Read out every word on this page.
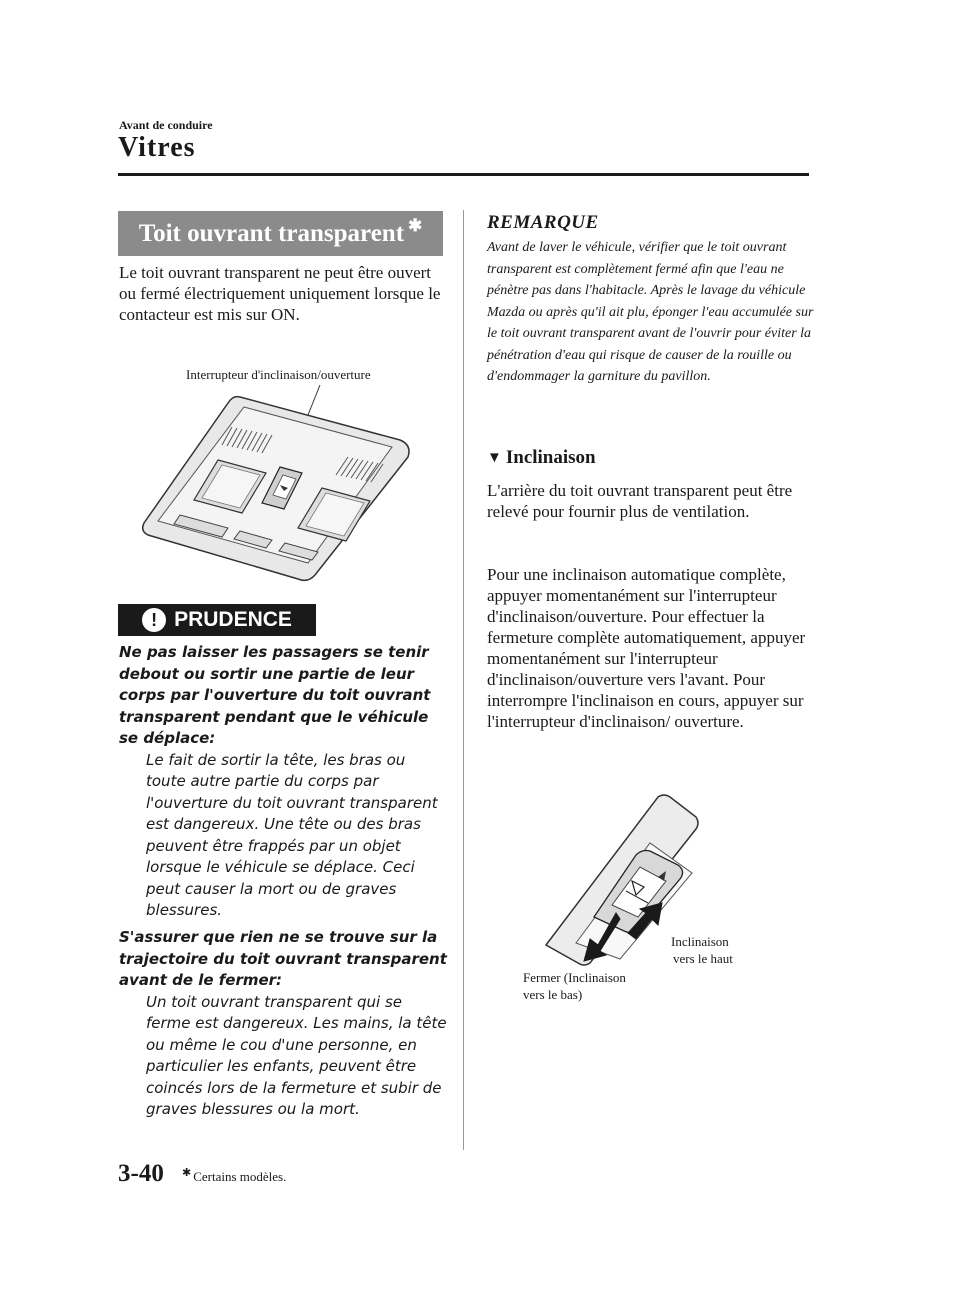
Avant de conduire
Vitres
Toit ouvrant transparent ✱
Le toit ouvrant transparent ne peut être ouvert ou fermé électriquement uniquement lorsque le contacteur est mis sur ON.
Interrupteur d'inclinaison/ouverture
! PRUDENCE
Ne pas laisser les passagers se tenir debout ou sortir une partie de leur corps par l'ouverture du toit ouvrant transparent pendant que le véhicule se déplace:
Le fait de sortir la tête, les bras ou toute autre partie du corps par l'ouverture du toit ouvrant transparent est dangereux. Une tête ou des bras peuvent être frappés par un objet lorsque le véhicule se déplace. Ceci peut causer la mort ou de graves blessures.
S'assurer que rien ne se trouve sur la trajectoire du toit ouvrant transparent avant de le fermer:
Un toit ouvrant transparent qui se ferme est dangereux. Les mains, la tête ou même le cou d'une personne, en particulier les enfants, peuvent être coincés lors de la fermeture et subir de graves blessures ou la mort.
REMARQUE
Avant de laver le véhicule, vérifier que le toit ouvrant transparent est complètement fermé afin que l'eau ne pénètre pas dans l'habitacle. Après le lavage du véhicule Mazda ou après qu'il ait plu, éponger l'eau accumulée sur le toit ouvrant transparent avant de l'ouvrir pour éviter la pénétration d'eau qui risque de causer de la rouille ou d'endommager la garniture du pavillon.
▼ Inclinaison
L'arrière du toit ouvrant transparent peut être relevé pour fournir plus de ventilation.
Pour une inclinaison automatique complète, appuyer momentanément sur l'interrupteur d'inclinaison/ouverture. Pour effectuer la fermeture complète automatiquement, appuyer momentanément sur l'interrupteur d'inclinaison/ouverture vers l'avant. Pour interrompre l'inclinaison en cours, appuyer sur l'interrupteur d'inclinaison/ ouverture.
Inclinaison
vers le haut
Fermer (Inclinaison
vers le bas)
3-40 ✱ Certains modèles.
